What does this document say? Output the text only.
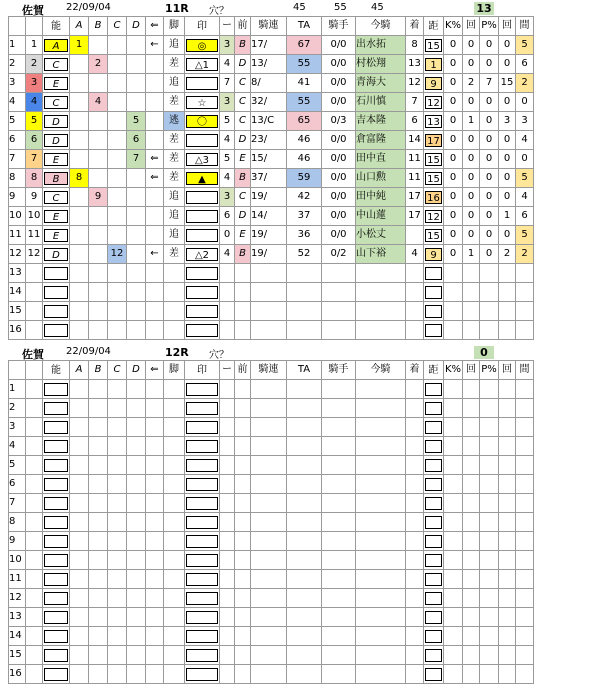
佐賀 22/09/04	11R 穴？	45	55 45	13

		能	A	B	C	D	⇐	脚	印	ー	前	騎連	TA	騎手	今騎	着	距	K%	回	P%	回	間
1	1	A	1				←	追	◎	3	B	17/	67	0/0	出水拓	8	15	0	0	0	0	5
2	2	C		2				差	△1	4	D	13/	55	0/0	村松翔	13	1	0	0	0	0	6
3	3	E						追		7	C	8/	41	0/0	青海大	12	9	0	2	7	15	2
4	4	C		4				差	☆	3	C	32/	55	0/0	石川慎	7	12	0	0	0	0	0
5	5	D				5		逃	〇	5	C	13/C	65	0/3	吉本隆	6	13	0	1	0	3	3
6	6	D				6		差		4	D	23/	46	0/0	倉富隆	14	17	0	0	0	0	4
7	7	E				7	⇐	差	△3	5	E	15/	46	0/0	田中直	11	15	0	0	0	0	0
8	8	B	8				⇐	差	▲	4	B	37/	59	0/0	山口勲	11	15	0	0	0	0	5
9	9	C		9				追		3	C	19/	42	0/0	田中純	17	16	0	0	0	0	4
10	10	E						追		6	D	14/	37	0/0	中山蓮	17	12	0	0	0	1	6
11	11	E						追		0	E	19/	36	0/0	小松丈		15	0	0	0	0	5
12	12	D			12		←	差	△2	4	B	19/	52	0/2	山下裕	4	9	0	1	0	2	2
13		

14		

15		

16		

佐賀 22/09/04	12R 穴？	0

		能	A	B	C	D	⇐	脚	印	ー	前	騎連	TA	騎手	今騎	着	距	K%	回	P%	回	間
1		

2		

3		

4		

5		

6		

7		

8		

9		

10		

11		

12		

13		

14		

15		

16		
